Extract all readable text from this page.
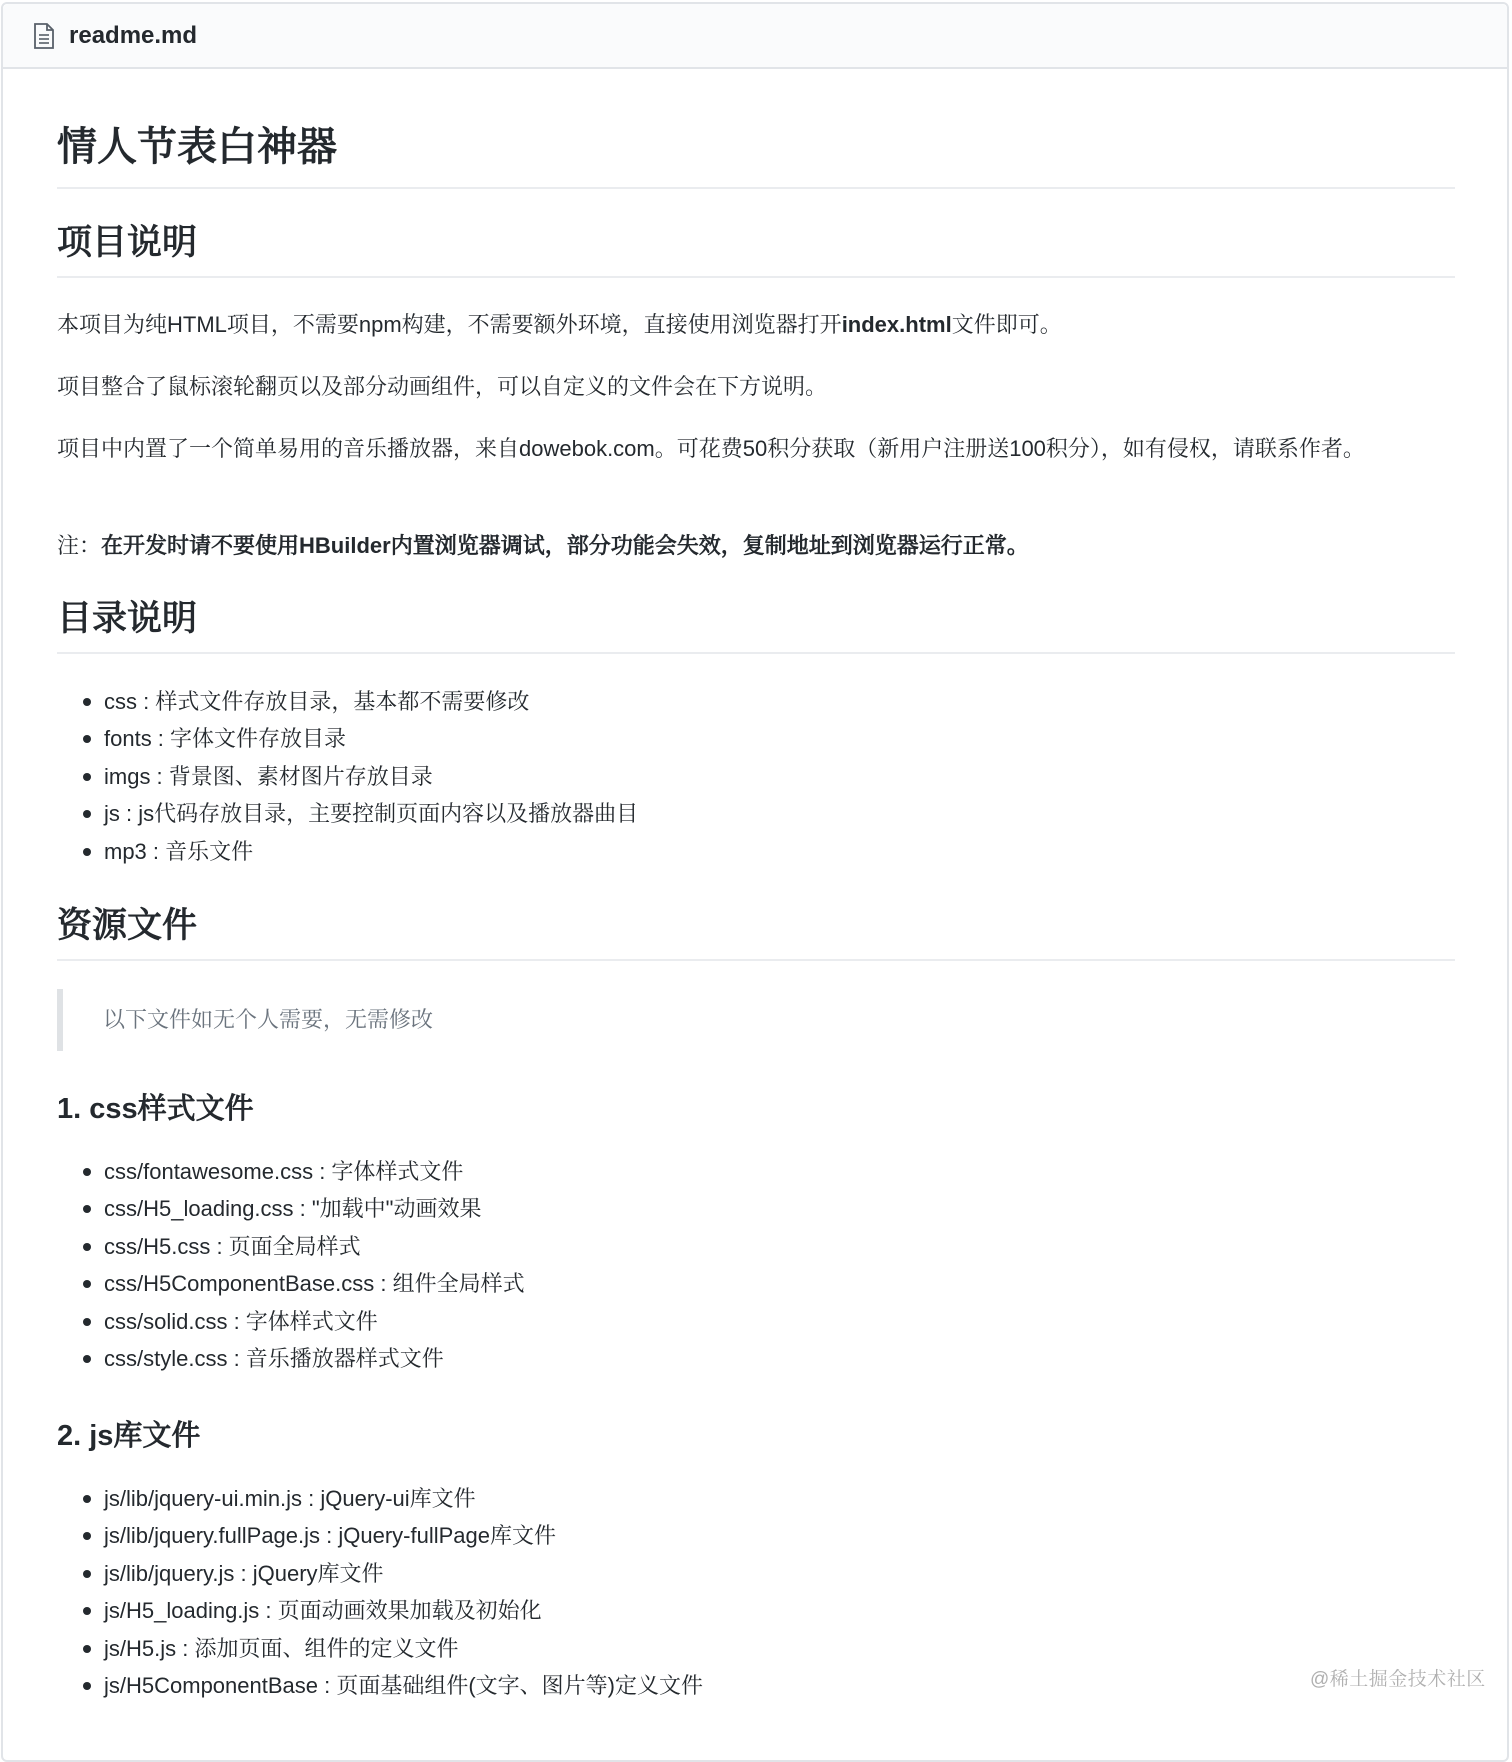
readme.md
情人节表白神器
项目说明

本项目为纯HTML项目，不需要npm构建，不需要额外环境，直接使用浏览器打开index.html文件即可。

项目整合了鼠标滚轮翻页以及部分动画组件，可以自定义的文件会在下方说明。

项目中内置了一个简单易用的音乐播放器，来自dowebok.com。可花费50积分获取（新用户注册送100积分），如有侵权，请联系作者。

注：在开发时请不要使用HBuilder内置浏览器调试，部分功能会失效，复制地址到浏览器运行正常。

目录说明
css : 样式文件存放目录，基本都不需要修改
fonts : 字体文件存放目录
imgs : 背景图、素材图片存放目录
js : js代码存放目录，主要控制页面内容以及播放器曲目
mp3 : 音乐文件
资源文件
以下文件如无个人需要，无需修改
1. css样式文件
css/fontawesome.css : 字体样式文件
css/H5_loading.css : "加载中"动画效果
css/H5.css : 页面全局样式
css/H5ComponentBase.css : 组件全局样式
css/solid.css : 字体样式文件
css/style.css : 音乐播放器样式文件
2. js库文件
js/lib/jquery-ui.min.js : jQuery-ui库文件
js/lib/jquery.fullPage.js : jQuery-fullPage库文件
js/lib/jquery.js : jQuery库文件
js/H5_loading.js : 页面动画效果加载及初始化
js/H5.js : 添加页面、组件的定义文件
js/H5ComponentBase : 页面基础组件(文字、图片等)定义文件	@稀土掘金技术社区
